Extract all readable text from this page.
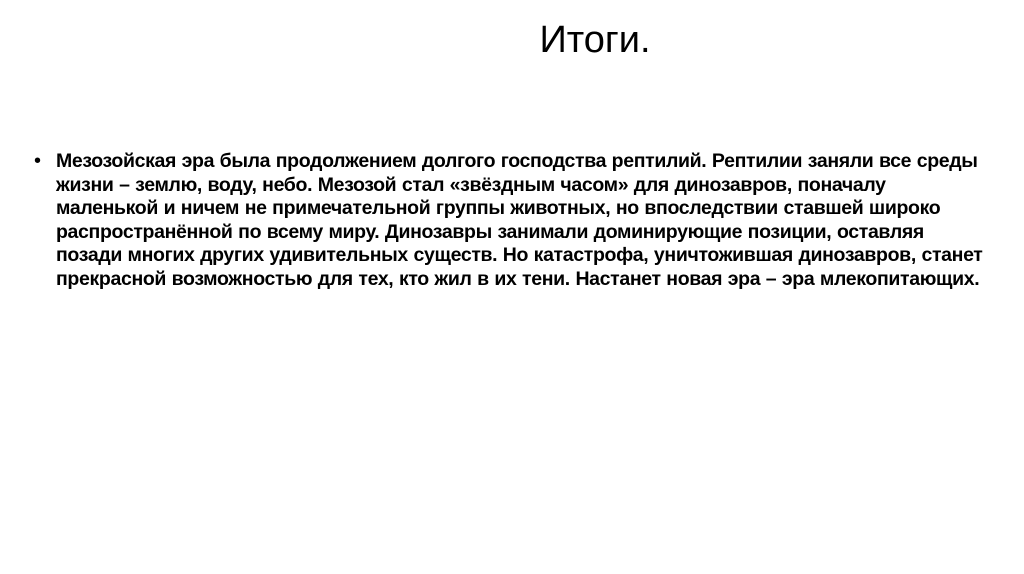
Итоги.
• Мезозойская эра была продолжением долгого господства рептилий. Рептилии заняли все среды жизни – землю, воду, небо. Мезозой стал «звёздным часом» для динозавров, поначалу маленькой и ничем не примечательной группы животных, но впоследствии ставшей широко распространённой по всему миру. Динозавры занимали доминирующие позиции, оставляя позади многих других удивительных существ. Но катастрофа, уничтожившая динозавров, станет прекрасной возможностью для тех, кто жил в их тени. Настанет новая эра – эра млекопитающих.
